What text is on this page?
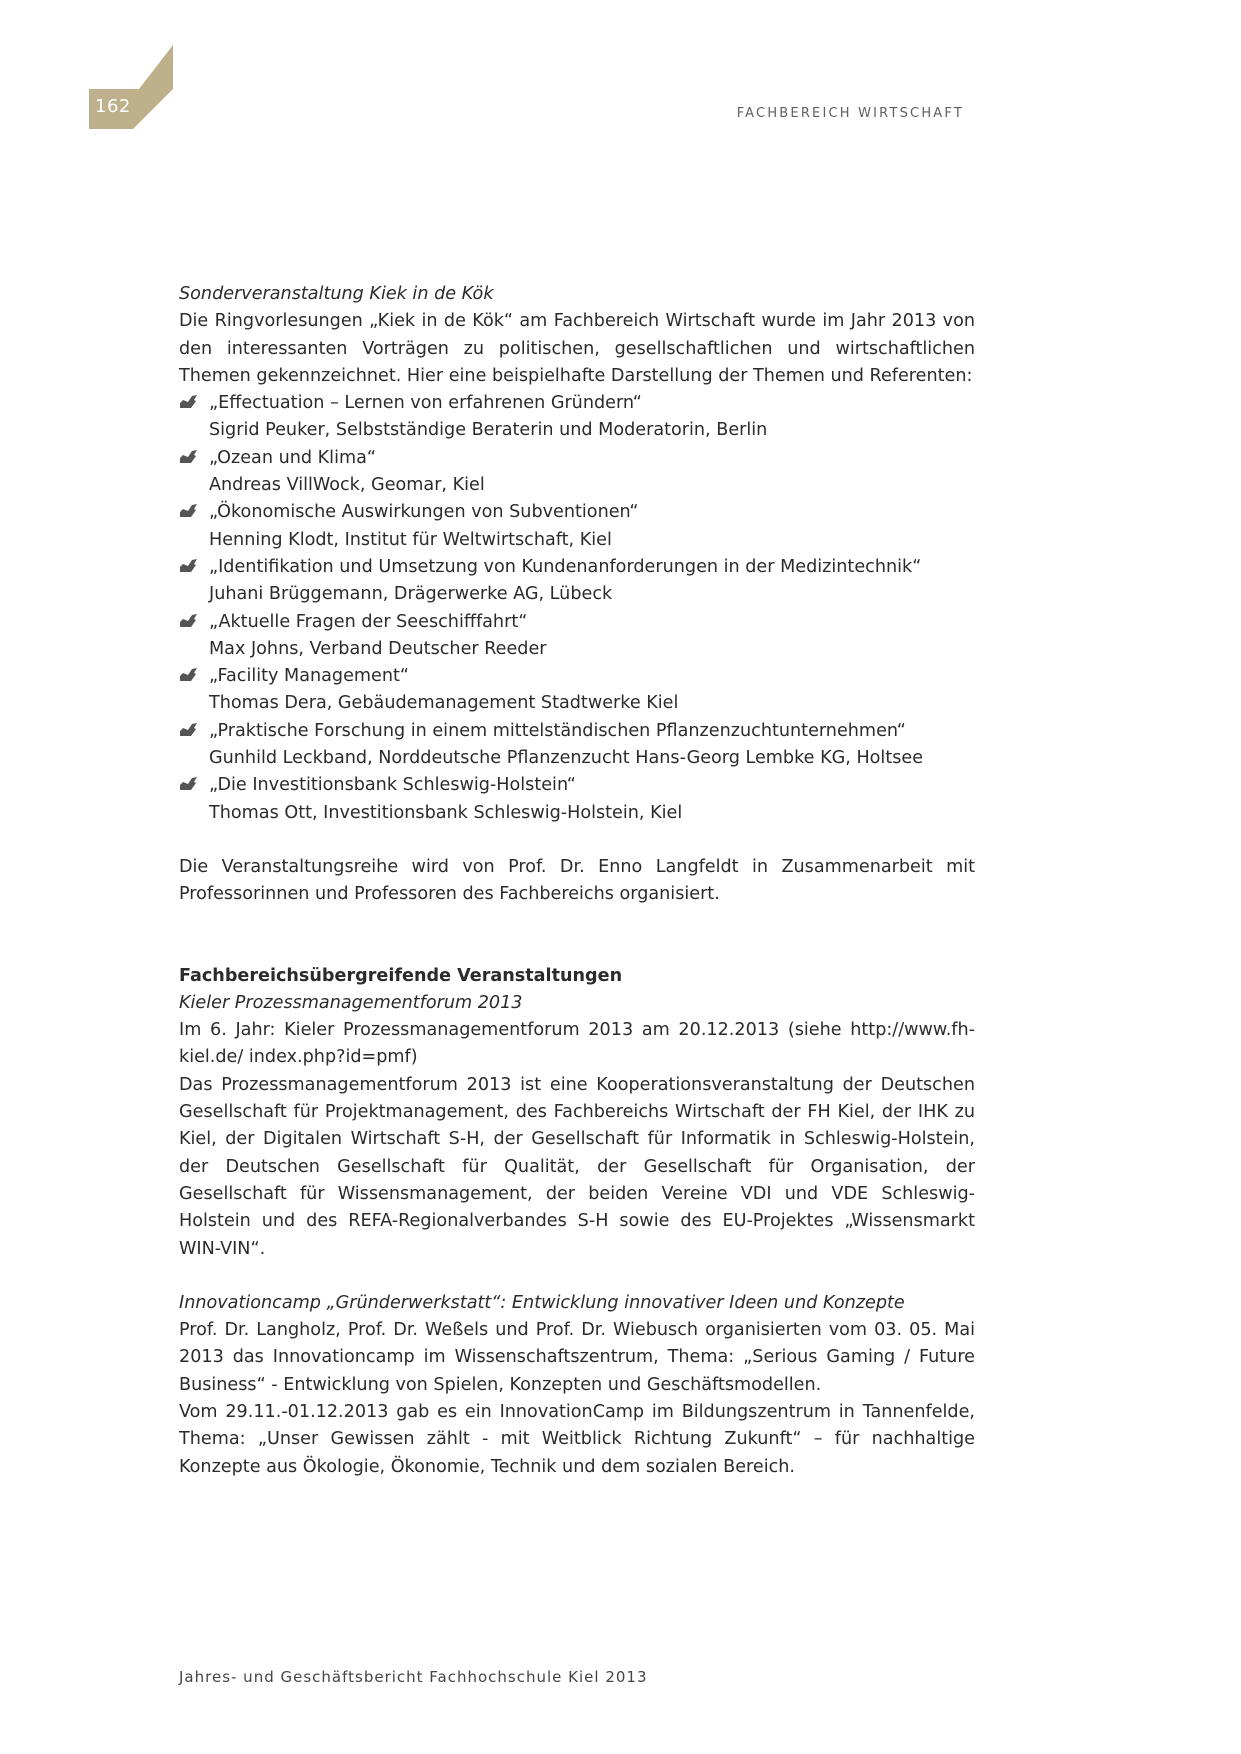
162	FACHBEREICH WIRTSCHAFT

Sonderveranstaltung Kiek in de Kök

Die Ringvorlesungen „Kiek in de Kök“ am Fachbereich Wirtschaft wurde im Jahr 2013 von den interessanten Vorträgen zu politischen, gesellschaftlichen und wirtschaftlichen Themen gekennzeichnet. Hier eine beispielhafte Darstellung der Themen und Referenten:

„Effectuation – Lernen von erfahrenen Gründern“
Sigrid Peuker, Selbstständige Beraterin und Moderatorin, Berlin
„Ozean und Klima“
Andreas VillWock, Geomar, Kiel
„Ökonomische Auswirkungen von Subventionen“
Henning Klodt, Institut für Weltwirtschaft, Kiel
„Identifikation und Umsetzung von Kundenanforderungen in der Medizintechnik“
Juhani Brüggemann, Drägerwerke AG, Lübeck
„Aktuelle Fragen der Seeschifffahrt“
Max Johns, Verband Deutscher Reeder
„Facility Management“
Thomas Dera, Gebäudemanagement Stadtwerke Kiel
„Praktische Forschung in einem mittelständischen Pflanzenzuchtunternehmen“
Gunhild Leckband, Norddeutsche Pflanzenzucht Hans-Georg Lembke KG, Holtsee
„Die Investitionsbank Schleswig-Holstein“
Thomas Ott, Investitionsbank Schleswig-Holstein, Kiel

Die Veranstaltungsreihe wird von Prof. Dr. Enno Langfeldt in Zusammenarbeit mit Professorinnen und Professoren des Fachbereichs organisiert.

Fachbereichsübergreifende Veranstaltungen

Kieler Prozessmanagementforum 2013

Im 6. Jahr: Kieler Prozessmanagementforum 2013 am 20.12.2013 (siehe http://www.fh-kiel.de/ index.php?id=pmf)

Das Prozessmanagementforum 2013 ist eine Kooperationsveranstaltung der Deutschen Gesellschaft für Projektmanagement, des Fachbereichs Wirtschaft der FH Kiel, der IHK zu Kiel, der Digitalen Wirtschaft S-H, der Gesellschaft für Informatik in Schleswig-Holstein, der Deutschen Gesellschaft für Qualität, der Gesellschaft für Organisation, der Gesellschaft für Wissensmanagement, der beiden Vereine VDI und VDE Schleswig-Holstein und des REFA-Regionalverbandes S-H sowie des EU-Projektes „Wissensmarkt WIN-VIN“.

Innovationcamp „Gründerwerkstatt“: Entwicklung innovativer Ideen und Konzepte

Prof. Dr. Langholz, Prof. Dr. Weßels und Prof. Dr. Wiebusch organisierten vom 03. 05. Mai 2013 das Innovationcamp im Wissenschaftszentrum, Thema: „Serious Gaming / Future Business“ - Entwicklung von Spielen, Konzepten und Geschäftsmodellen.

Vom 29.11.-01.12.2013 gab es ein InnovationCamp im Bildungszentrum in Tannenfelde, Thema: „Unser Gewissen zählt - mit Weitblick Richtung Zukunft“ – für nachhaltige Konzepte aus Ökologie, Ökonomie, Technik und dem sozialen Bereich.

Jahres- und Geschäftsbericht Fachhochschule Kiel 2013
